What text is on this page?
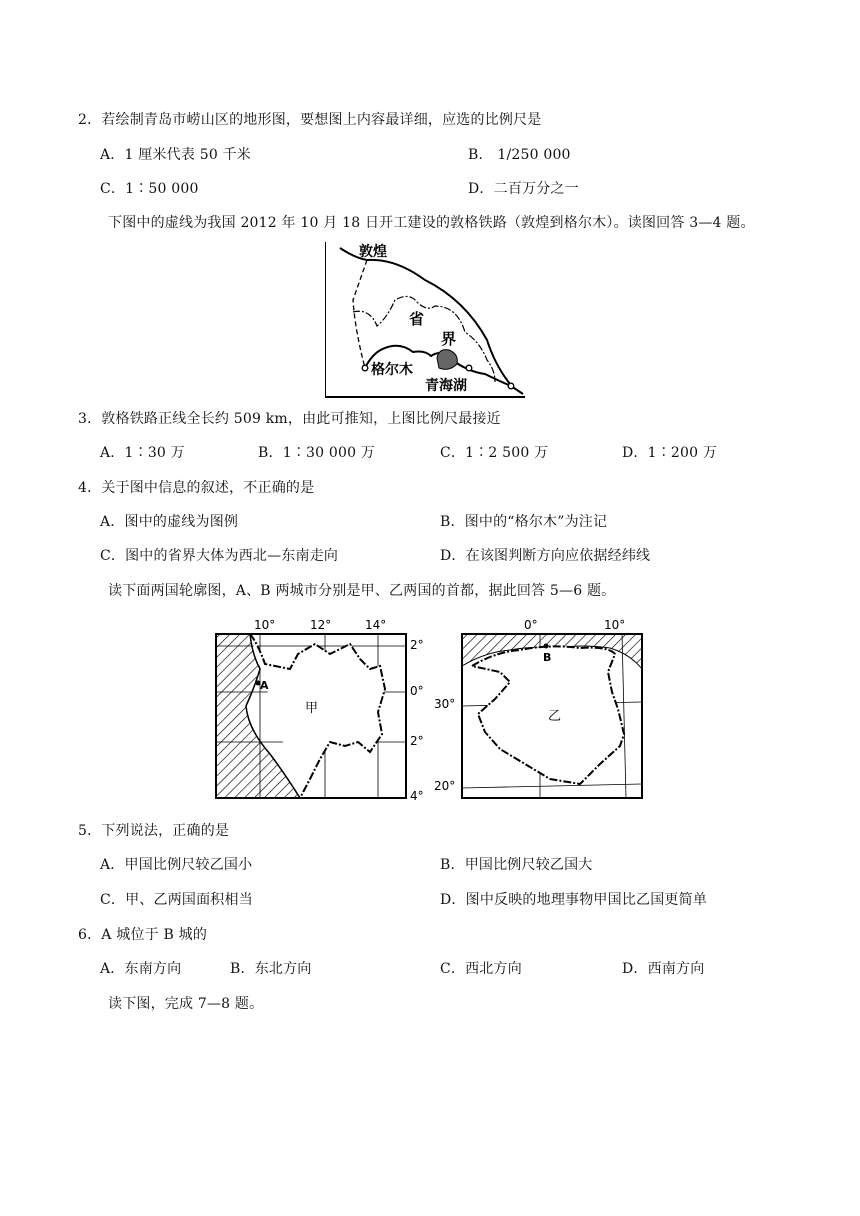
2．若绘制青岛市崂山区的地形图，要想图上内容最详细，应选的比例尺是
A．1 厘米代表 50 千米	B． 1/250 000
C．1∶50 000	D．二百万分之一
下图中的虚线为我国 2012 年 10 月 18 日开工建设的敦格铁路（敦煌到格尔木）。读图回答 3—4 题。
敦煌
省
界
格尔木
青海湖
3．敦格铁路正线全长约 509 km，由此可推知，上图比例尺最接近
A．1∶30 万	B．1∶30 000 万	C．1∶2 500 万	D．1∶200 万
4．关于图中信息的叙述，不正确的是
A．图中的虚线为图例	B．图中的“格尔木”为注记
C．图中的省界大体为西北—东南走向	D．在该图判断方向应依据经纬线
读下面两国轮廓图，A、B 两城市分别是甲、乙两国的首都，据此回答 5—6 题。
A
甲
10°	12°	14°
2°
0°
2°
4°
B
乙
0°	10°
30°
20°
5．下列说法，正确的是
A．甲国比例尺较乙国小	B．甲国比例尺较乙国大
C．甲、乙两国面积相当	D．图中反映的地理事物甲国比乙国更简单
6．A 城位于 B 城的
A．东南方向	B．东北方向	C．西北方向	D．西南方向
读下图，完成 7—8 题。
